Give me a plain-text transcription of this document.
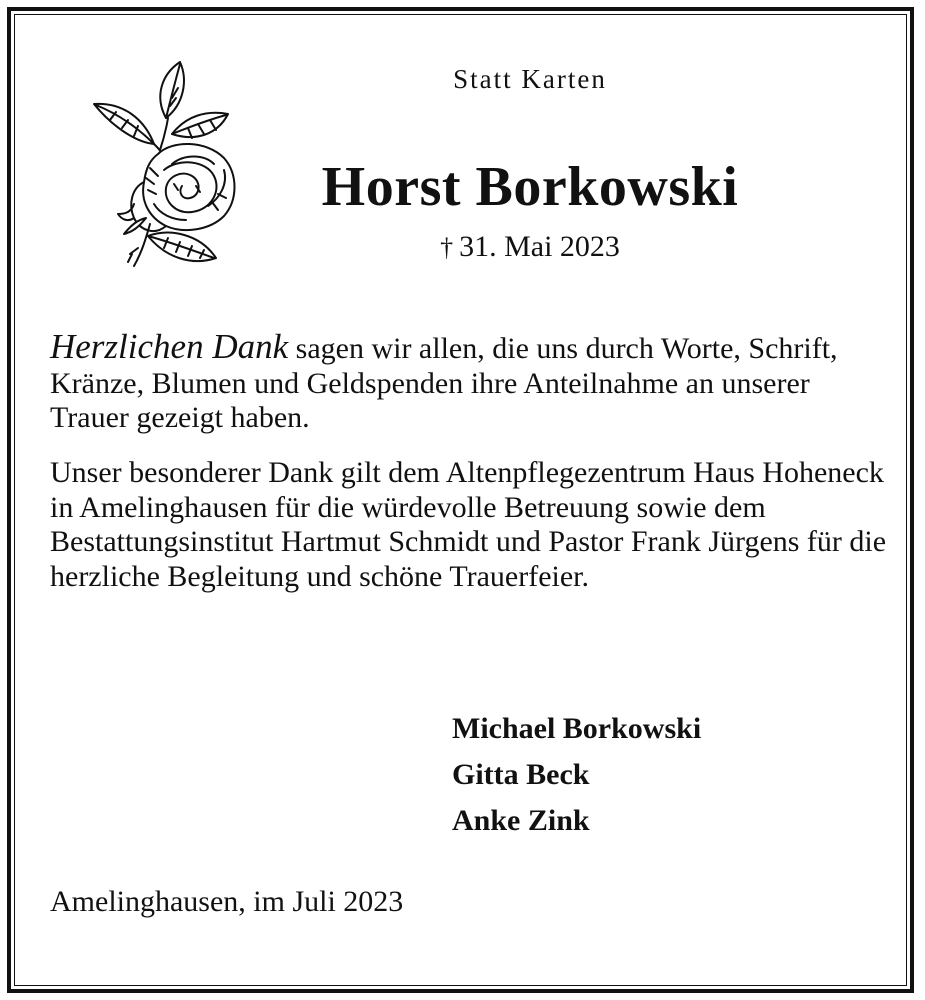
Statt Karten
Horst Borkowski
† 31. Mai 2023
Herzlichen Dank sagen wir allen, die uns durch Worte, Schrift, Kränze, Blumen und Geldspenden ihre Anteilnahme an unserer Trauer gezeigt haben.
Unser besonderer Dank gilt dem Altenpflegezentrum Haus Hoheneck in Amelinghausen für die würdevolle Betreuung sowie dem Bestattungsinstitut Hartmut Schmidt und Pastor Frank Jürgens für die herzliche Begleitung und schöne Trauerfeier.
Michael Borkowski
Gitta Beck
Anke Zink
Amelinghausen, im Juli 2023
